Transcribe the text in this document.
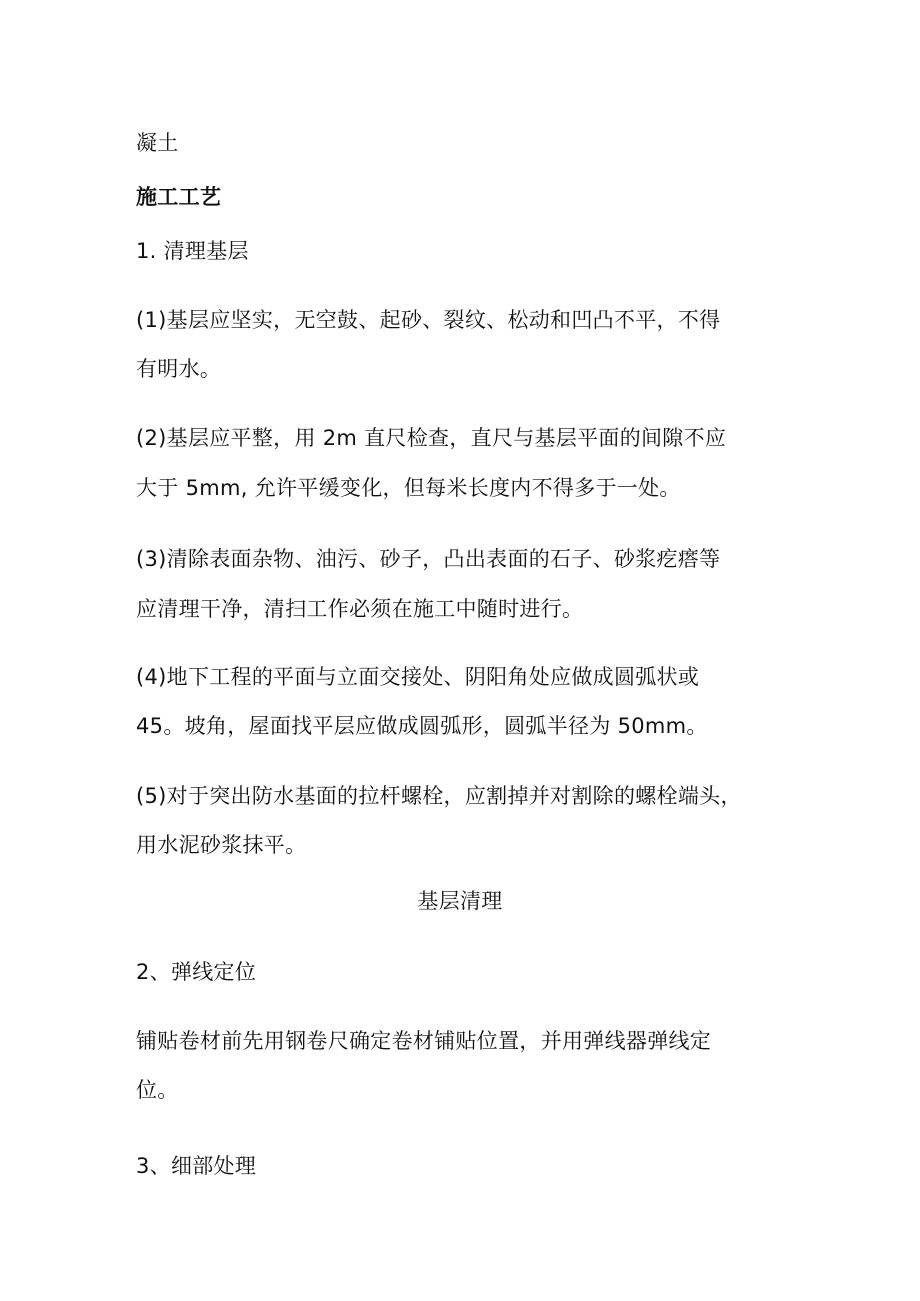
凝土
施工工艺
1. 清理基层
(1)基层应坚实，无空鼓、起砂、裂纹、松动和凹凸不平，不得
有明水。
(2)基层应平整，用 2m 直尺检查，直尺与基层平面的间隙不应
大于 5mm, 允许平缓变化，但每米长度内不得多于一处。
(3)清除表面杂物、油污、砂子，凸出表面的石子、砂浆疙瘩等
应清理干净，清扫工作必须在施工中随时进行。
(4)地下工程的平面与立面交接处、阴阳角处应做成圆弧状或
45。坡角，屋面找平层应做成圆弧形，圆弧半径为 50mm。
(5)对于突出防水基面的拉杆螺栓，应割掉并对割除的螺栓端头，
用水泥砂浆抹平。
基层清理
2、弹线定位
铺贴卷材前先用钢卷尺确定卷材铺贴位置，并用弹线器弹线定
位。
3、细部处理
